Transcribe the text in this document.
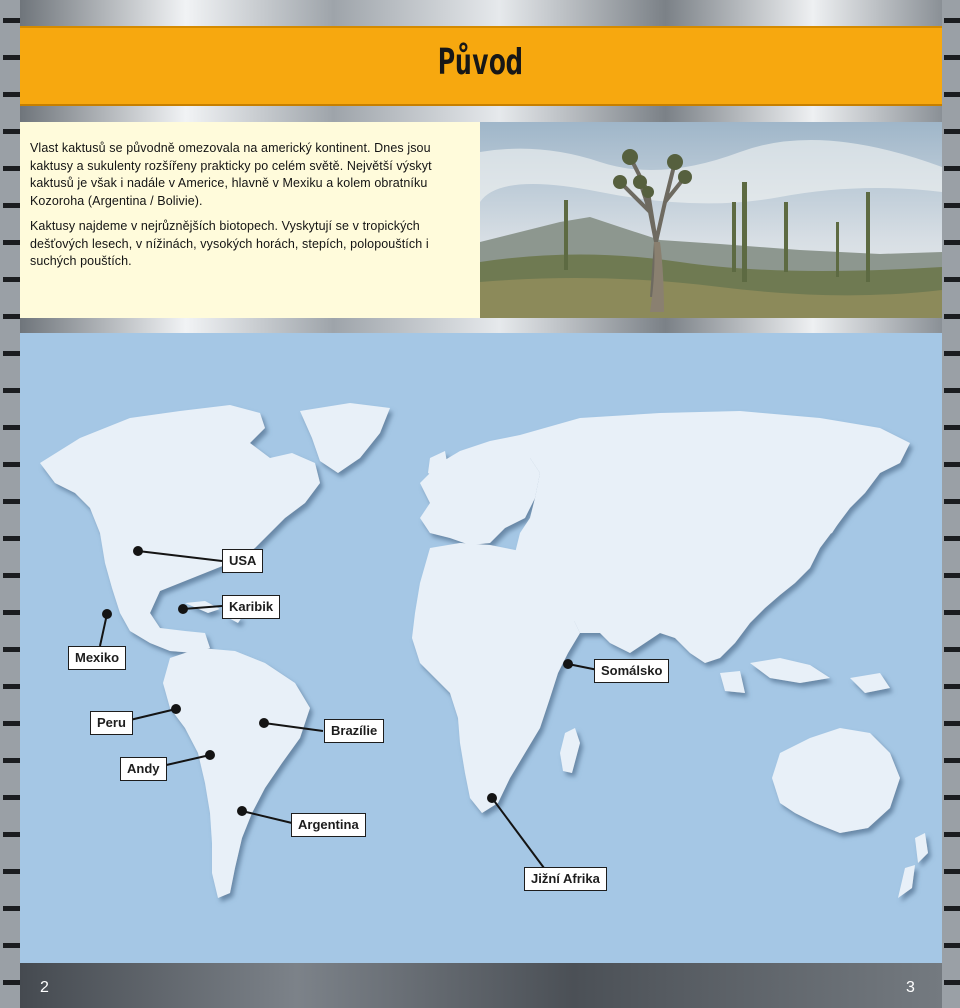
Původ

Vlast kaktusů se původně omezovala na americký kontinent. Dnes jsou kaktusy a sukulenty rozšířeny prakticky po celém světě. Největší výskyt kaktusů je však i nadále v Americe, hlavně v Mexiku a kolem obratníku Kozoroha (Argentina / Bolivie).

Kaktusy najdeme v nejrůznějších biotopech. Vyskytují se v tropických dešťových lesech, v nížinách, vysokých horách, stepích, polopouštích i suchých pouštích.

USA
Karibik
Mexiko
Somálsko
Peru
Brazílie
Andy
Argentina
Jižní Afrika
2	3
